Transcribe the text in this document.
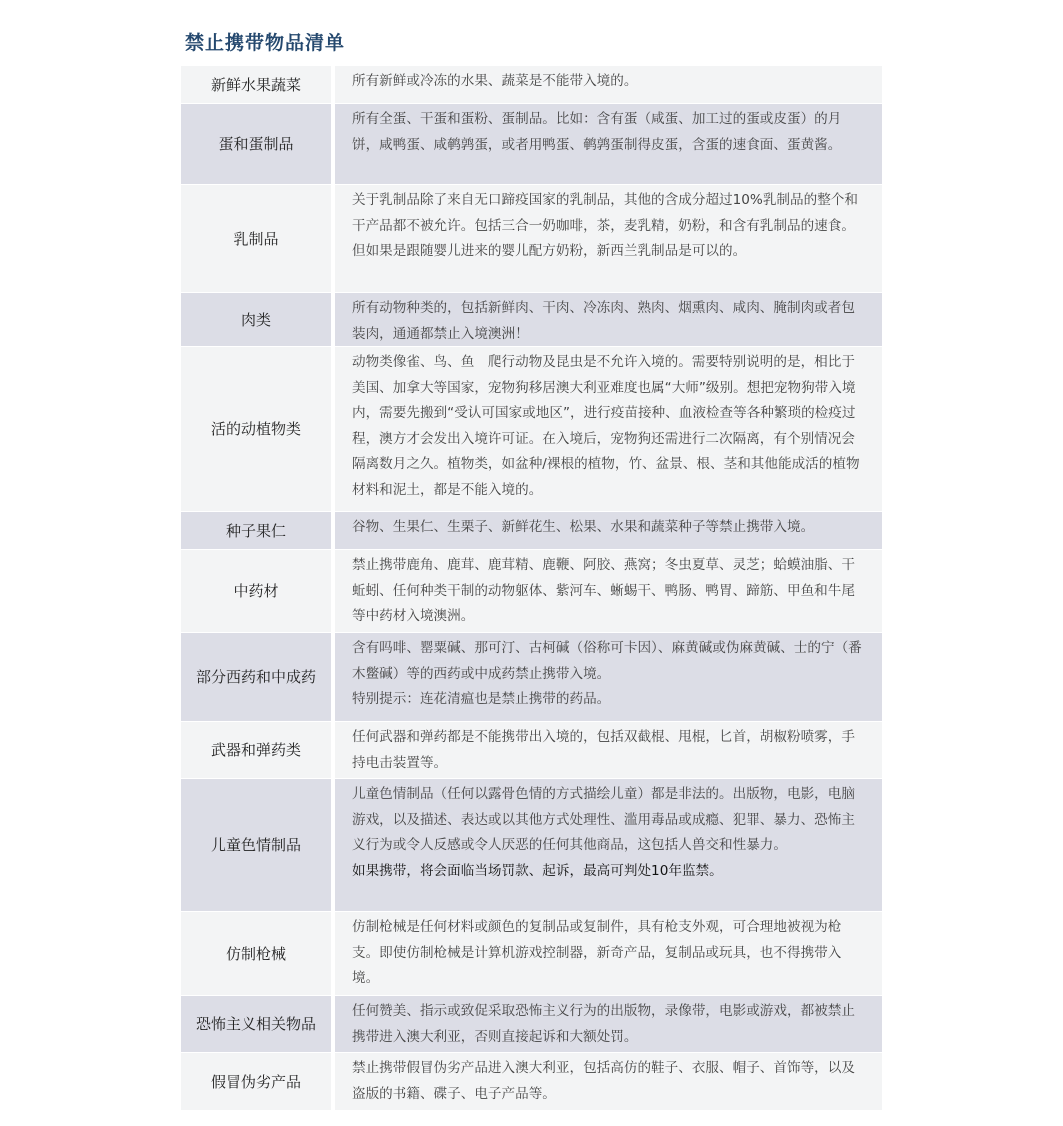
禁止携带物品清单
新鲜水果蔬菜	所有新鲜或冷冻的水果、蔬菜是不能带入境的。

蛋和蛋制品

所有全蛋、干蛋和蛋粉、蛋制品。比如：含有蛋（咸蛋、加工过的蛋或皮蛋）的月饼，咸鸭蛋、咸鹌鹑蛋，或者用鸭蛋、鹌鹑蛋制得皮蛋，含蛋的速食面、蛋黄酱。

乳制品

关于乳制品除了来自无口蹄疫国家的乳制品，其他的含成分超过10%乳制品的整个和干产品都不被允许。包括三合一奶咖啡，茶，麦乳精，奶粉，和含有乳制品的速食。但如果是跟随婴儿进来的婴儿配方奶粉，新西兰乳制品是可以的。

肉类

所有动物种类的，包括新鲜肉、干肉、冷冻肉、熟肉、烟熏肉、咸肉、腌制肉或者包装肉，通通都禁止入境澳洲！

活的动植物类

动物类像雀、鸟、鱼　爬行动物及昆虫是不允许入境的。需要特别说明的是，相比于美国、加拿大等国家，宠物狗移居澳大利亚难度也属“大师”级别。想把宠物狗带入境内，需要先搬到“受认可国家或地区”，进行疫苗接种、血液检查等各种繁琐的检疫过程，澳方才会发出入境许可证。在入境后，宠物狗还需进行二次隔离，有个别情况会隔离数月之久。植物类，如盆种/裸根的植物，竹、盆景、根、茎和其他能成活的植物材料和泥土，都是不能入境的。

种子果仁	谷物、生果仁、生栗子、新鲜花生、松果、水果和蔬菜种子等禁止携带入境。

中药材

禁止携带鹿角、鹿茸、鹿茸精、鹿鞭、阿胶、燕窝；冬虫夏草、灵芝；蛤蟆油脂、干蚯蚓、任何种类干制的动物躯体、紫河车、蜥蜴干、鸭肠、鸭胃、蹄筋、甲鱼和牛尾等中药材入境澳洲。

部分西药和中成药

含有吗啡、罂粟碱、那可汀、古柯碱（俗称可卡因）、麻黄碱或伪麻黄碱、士的宁（番木鳖碱）等的西药或中成药禁止携带入境。

特别提示：连花清瘟也是禁止携带的药品。

武器和弹药类

任何武器和弹药都是不能携带出入境的，包括双截棍、甩棍，匕首，胡椒粉喷雾，手持电击装置等。

儿童色情制品

儿童色情制品（任何以露骨色情的方式描绘儿童）都是非法的。出版物，电影，电脑游戏，以及描述、表达或以其他方式处理性、滥用毒品或成瘾、犯罪、暴力、恐怖主义行为或令人反感或令人厌恶的任何其他商品，这包括人兽交和性暴力。

如果携带，将会面临当场罚款、起诉，最高可判处10年监禁。

仿制枪械

仿制枪械是任何材料或颜色的复制品或复制件，具有枪支外观，可合理地被视为枪支。即使仿制枪械是计算机游戏控制器，新奇产品，复制品或玩具，也不得携带入境。

恐怖主义相关物品

任何赞美、指示或致促采取恐怖主义行为的出版物，录像带，电影或游戏，都被禁止携带进入澳大利亚，否则直接起诉和大额处罚。

假冒伪劣产品

禁止携带假冒伪劣产品进入澳大利亚，包括高仿的鞋子、衣服、帽子、首饰等，以及盗版的书籍、碟子、电子产品等。
